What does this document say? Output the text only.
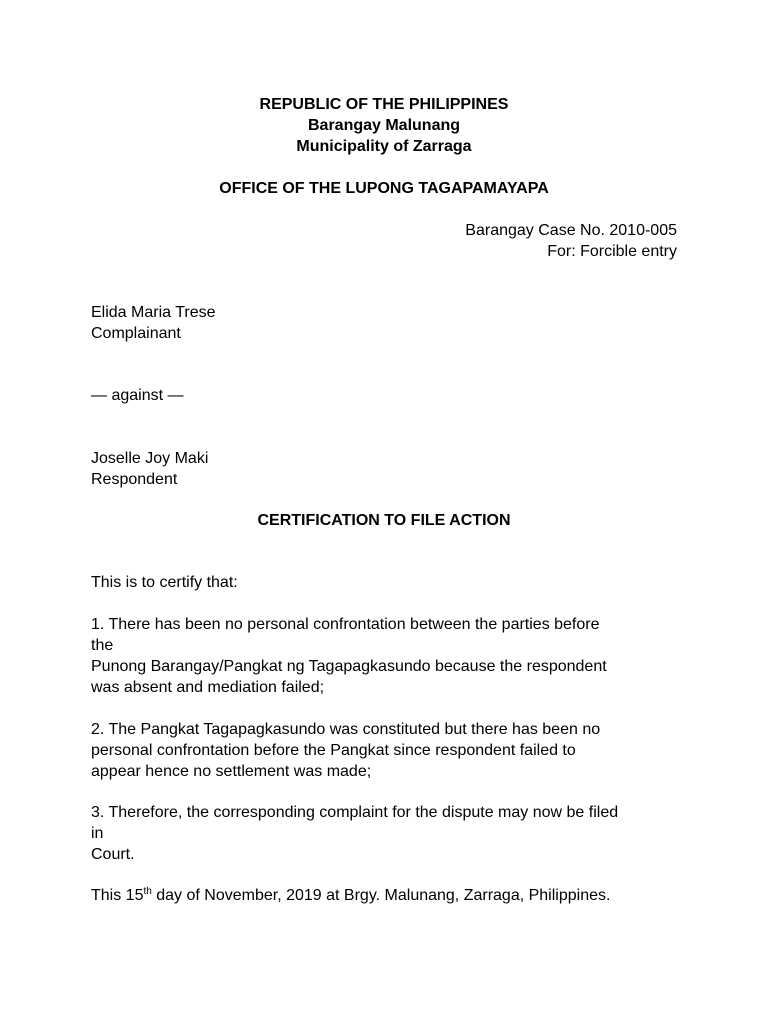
REPUBLIC OF THE PHILIPPINES
Barangay Malunang
Municipality of Zarraga
OFFICE OF THE LUPONG TAGAPAMAYAPA
Barangay Case No. 2010-005
For: Forcible entry
Elida Maria Trese
Complainant
— against —
Joselle Joy Maki
Respondent
CERTIFICATION TO FILE ACTION
This is to certify that:
1. There has been no personal confrontation between the parties before
the
Punong Barangay/Pangkat ng Tagapagkasundo because the respondent
was absent and mediation failed;
2. The Pangkat Tagapagkasundo was constituted but there has been no
personal confrontation before the Pangkat since respondent failed to
appear hence no settlement was made;
3. Therefore, the corresponding complaint for the dispute may now be filed
in
Court.
This 15th day of November, 2019 at Brgy. Malunang, Zarraga, Philippines.
